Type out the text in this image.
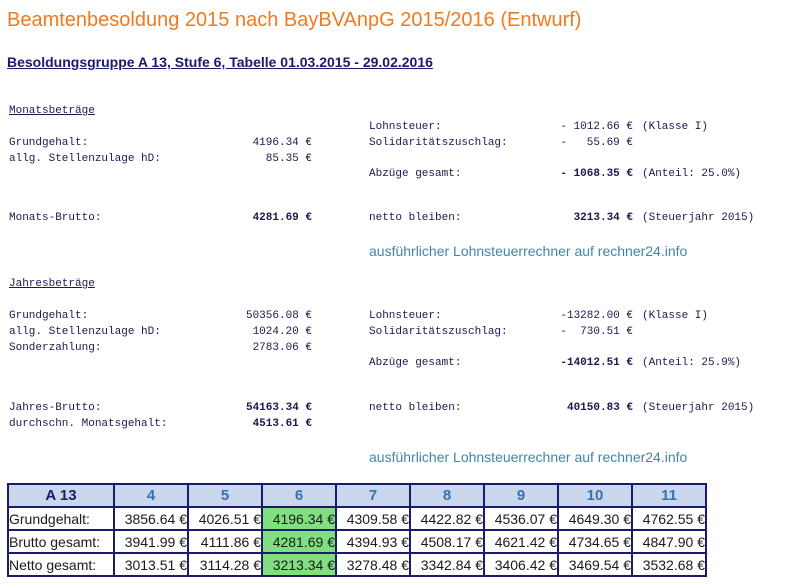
Beamtenbesoldung 2015 nach BayBVAnpG 2015/2016 (Entwurf)
Besoldungsgruppe A 13, Stufe 6, Tabelle 01.03.2015 - 29.02.2016
Monatsbeträge
Grundgehalt:	4196.34 €
allg. Stellenzulage hD:	85.35 €
Monats-Brutto:	4281.69 €
Lohnsteuer:	- 1012.66 € (Klasse I)
Solidaritätszuschlag:	-   55.69 €
Abzüge gesamt:	- 1068.35 € (Anteil: 25.0%)
netto bleiben:	3213.34 € (Steuerjahr 2015)
ausführlicher Lohnsteuerrechner auf rechner24.info
Jahresbeträge
Grundgehalt:	50356.08 €
allg. Stellenzulage hD:	1024.20 €
Sonderzahlung:	2783.06 €
Jahres-Brutto:	54163.34 €
durchschn. Monatsgehalt:	4513.61 €
Lohnsteuer:	-13282.00 € (Klasse I)
Solidaritätszuschlag:	-  730.51 €
Abzüge gesamt:	-14012.51 € (Anteil: 25.9%)
netto bleiben:	40150.83 € (Steuerjahr 2015)
ausführlicher Lohnsteuerrechner auf rechner24.info
A 13	4	5	6	7	8	9	10	11
Grundgehalt:	3856.64 €	4026.51 €	4196.34 €	4309.58 €	4422.82 €	4536.07 €	4649.30 €	4762.55 €
Brutto gesamt:	3941.99 €	4111.86 €	4281.69 €	4394.93 €	4508.17 €	4621.42 €	4734.65 €	4847.90 €
Netto gesamt:	3013.51 €	3114.28 €	3213.34 €	3278.48 €	3342.84 €	3406.42 €	3469.54 €	3532.68 €
